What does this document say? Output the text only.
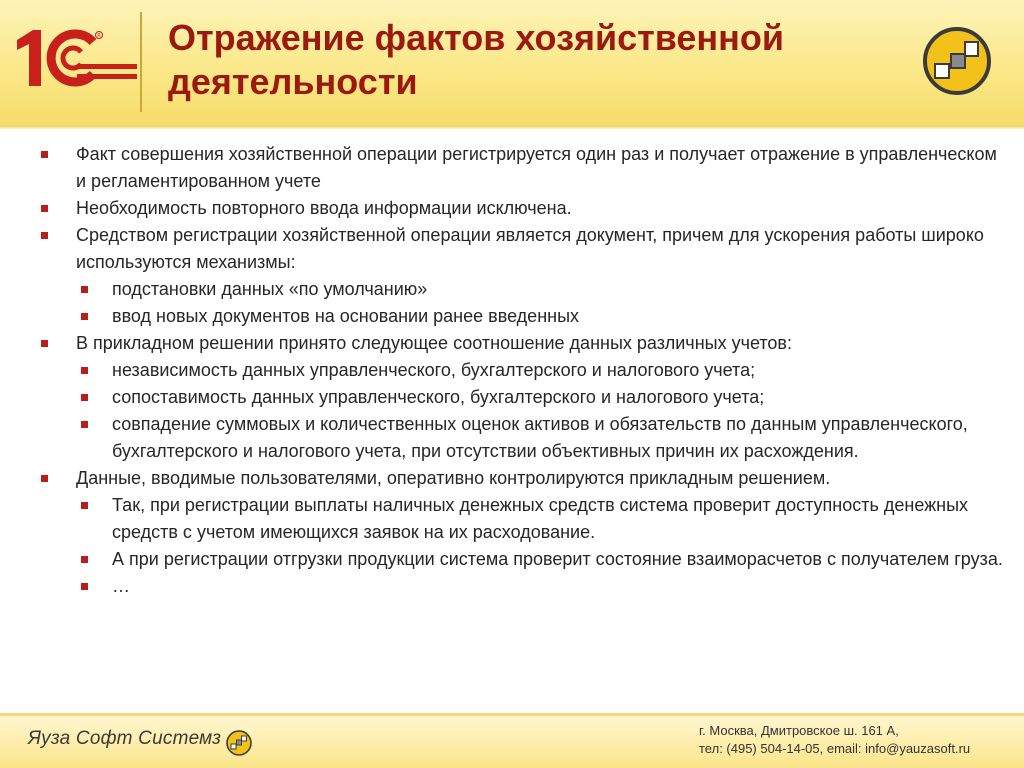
R Отражение фактов хозяйственной деятельности
Факт совершения хозяйственной операции регистрируется один раз и получает отражение в управленческом и регламентированном учете
Необходимость повторного ввода информации исключена.
Средством регистрации хозяйственной операции является документ, причем для ускорения работы широко используются механизмы:
подстановки данных «по умолчанию»
ввод новых документов на основании ранее введенных
В прикладном решении принято следующее соотношение данных различных учетов:
независимость данных управленческого, бухгалтерского и налогового учета;
сопоставимость данных управленческого, бухгалтерского и налогового учета;
совпадение суммовых и количественных оценок активов и обязательств по данным управленческого, бухгалтерского и налогового учета, при отсутствии объективных причин их расхождения.
Данные, вводимые пользователями, оперативно контролируются прикладным решением.
Так, при регистрации выплаты наличных денежных средств система проверит доступность денежных средств с учетом имеющихся заявок на их расходование.
А при регистрации отгрузки продукции система проверит состояние взаиморасчетов с получателем груза.
…
Яуза Софт Системз	г. Москва, Дмитровское ш. 161 А,
тел: (495) 504-14-05, email: info@yauzasoft.ru
